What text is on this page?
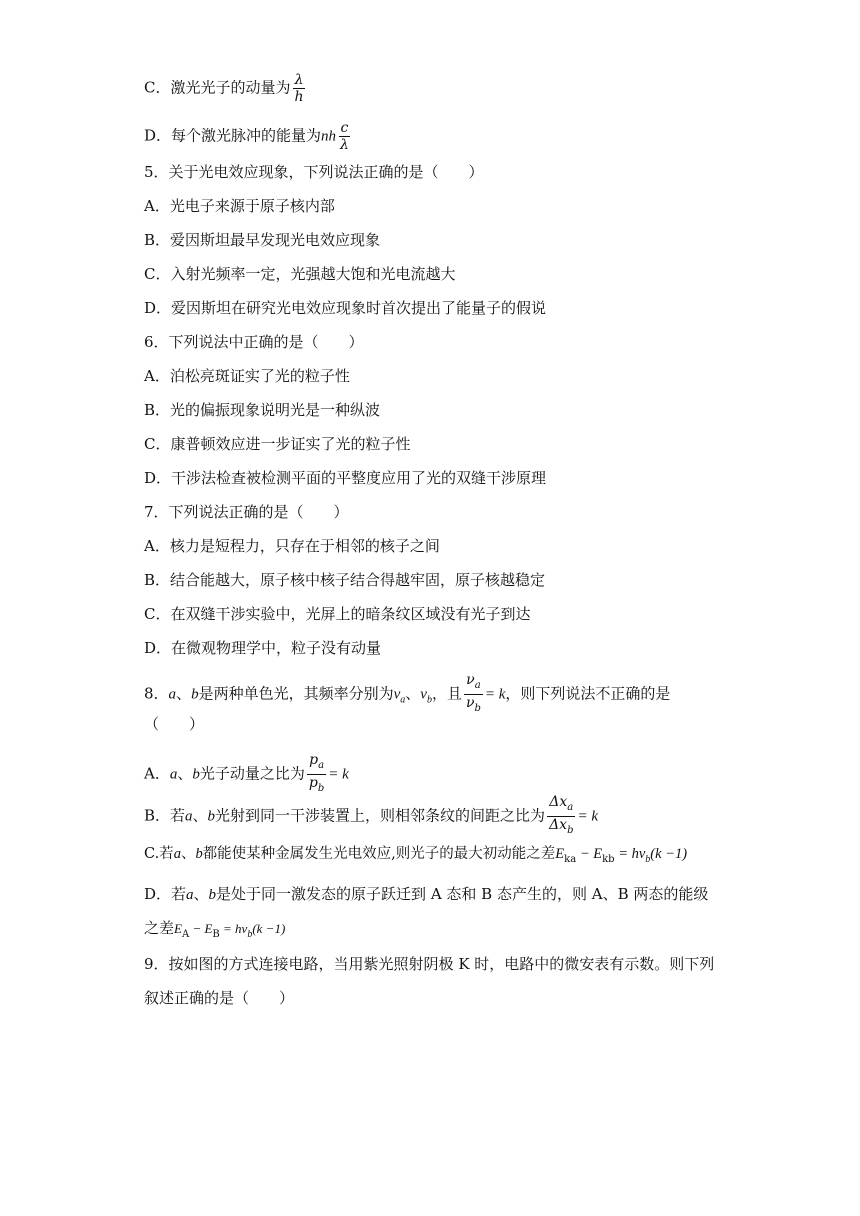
C．激光光子的动量为 $\frac{\lambda}{h}$
D．每个激光脉冲的能量为nh $\frac{c}{\lambda}$
5．关于光电效应现象，下列说法正确的是（　　）
A．光电子来源于原子核内部
B．爱因斯坦最早发现光电效应现象
C．入射光频率一定，光强越大饱和光电流越大
D．爱因斯坦在研究光电效应现象时首次提出了能量子的假说
6．下列说法中正确的是（　　）
A．泊松亮斑证实了光的粒子性
B．光的偏振现象说明光是一种纵波
C．康普顿效应进一步证实了光的粒子性
D．干涉法检查被检测平面的平整度应用了光的双缝干涉原理
7．下列说法正确的是（　　）
A．核力是短程力，只存在于相邻的核子之间
B．结合能越大，原子核中核子结合得越牢固，原子核越稳定
C．在双缝干涉实验中，光屏上的暗条纹区域没有光子到达
D．在微观物理学中，粒子没有动量
8．a、b是两种单色光，其频率分别为$\nu_a$、$\nu_b$，且 $\frac{\nu_a}{\nu_b} = k$，则下列说法不正确的是
（　　）
A．a、b光子动量之比为 $\frac{p_a}{p_b} = k$
B．若a、b光射到同一干涉装置上，则相邻条纹的间距之比为 $\frac{\Delta x_a}{\Delta x_b} = k$
C.若a、b都能使某种金属发生光电效应,则光子的最大初动能之差$E_{ka} - E_{kb} = h\nu_b(k -1)$
D．若a、b是处于同一激发态的原子跃迁到 A 态和 B 态产生的，则 A、B 两态的能级
之差$E_A - E_B = h\nu_b(k -1)$
9．按如图的方式连接电路，当用紫光照射阴极 K 时，电路中的微安表有示数。则下列
叙述正确的是（　　）
